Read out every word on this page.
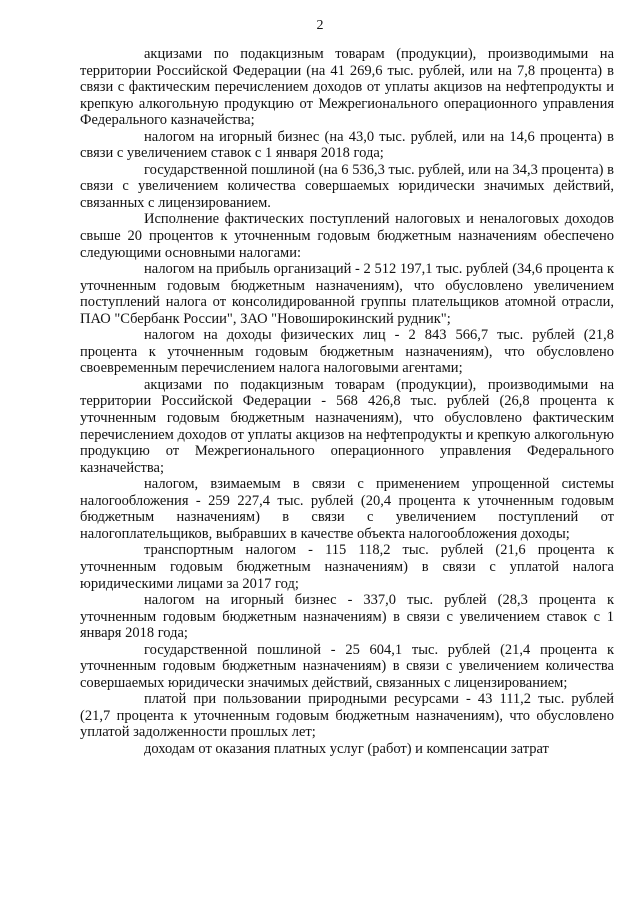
2

акцизами по подакцизным товарам (продукции), производимыми на территории Российской Федерации (на 41 269,6 тыс. рублей, или на 7,8 процента) в связи с фактическим перечислением доходов от уплаты акцизов на нефтепродукты и крепкую алкогольную продукцию от Межрегионального операционного управления Федерального казначейства;

налогом на игорный бизнес (на 43,0 тыс. рублей, или на 14,6 процента) в связи с увеличением ставок с 1 января 2018 года;

государственной пошлиной (на 6 536,3 тыс. рублей, или на 34,3 процента) в связи с увеличением количества совершаемых юридически значимых действий, связанных с лицензированием.

Исполнение фактических поступлений налоговых и неналоговых доходов свыше 20 процентов к уточненным годовым бюджетным назначениям обеспечено следующими основными налогами:

налогом на прибыль организаций - 2 512 197,1 тыс. рублей (34,6 процента к уточненным годовым бюджетным назначениям), что обусловлено увеличением поступлений налога от консолидированной группы плательщиков атомной отрасли, ПАО "Сбербанк России", ЗАО "Новоширокинский рудник";

налогом на доходы физических лиц - 2 843 566,7 тыс. рублей (21,8 процента к уточненным годовым бюджетным назначениям), что обусловлено своевременным перечислением налога налоговыми агентами;

акцизами по подакцизным товарам (продукции), производимыми на территории Российской Федерации - 568 426,8 тыс. рублей (26,8 процента к уточненным годовым бюджетным назначениям), что обусловлено фактическим перечислением доходов от уплаты акцизов на нефтепродукты и крепкую алкогольную продукцию от Межрегионального операционного управления Федерального казначейства;

налогом, взимаемым в связи с применением упрощенной системы налогообложения - 259 227,4 тыс. рублей (20,4 процента к уточненным годовым бюджетным назначениям) в связи с увеличением поступлений от налогоплательщиков, выбравших в качестве объекта налогообложения доходы;

транспортным налогом - 115 118,2 тыс. рублей (21,6 процента к уточненным годовым бюджетным назначениям) в связи с уплатой налога юридическими лицами за 2017 год;

налогом на игорный бизнес - 337,0 тыс. рублей (28,3 процента к уточненным годовым бюджетным назначениям) в связи с увеличением ставок с 1 января 2018 года;

государственной пошлиной - 25 604,1 тыс. рублей (21,4 процента к уточненным годовым бюджетным назначениям) в связи с увеличением количества совершаемых юридически значимых действий, связанных с лицензированием;

платой при пользовании природными ресурсами - 43 111,2 тыс. рублей (21,7 процента к уточненным годовым бюджетным назначениям), что обусловлено уплатой задолженности прошлых лет;

доходам от оказания платных услуг (работ) и компенсации затрат
